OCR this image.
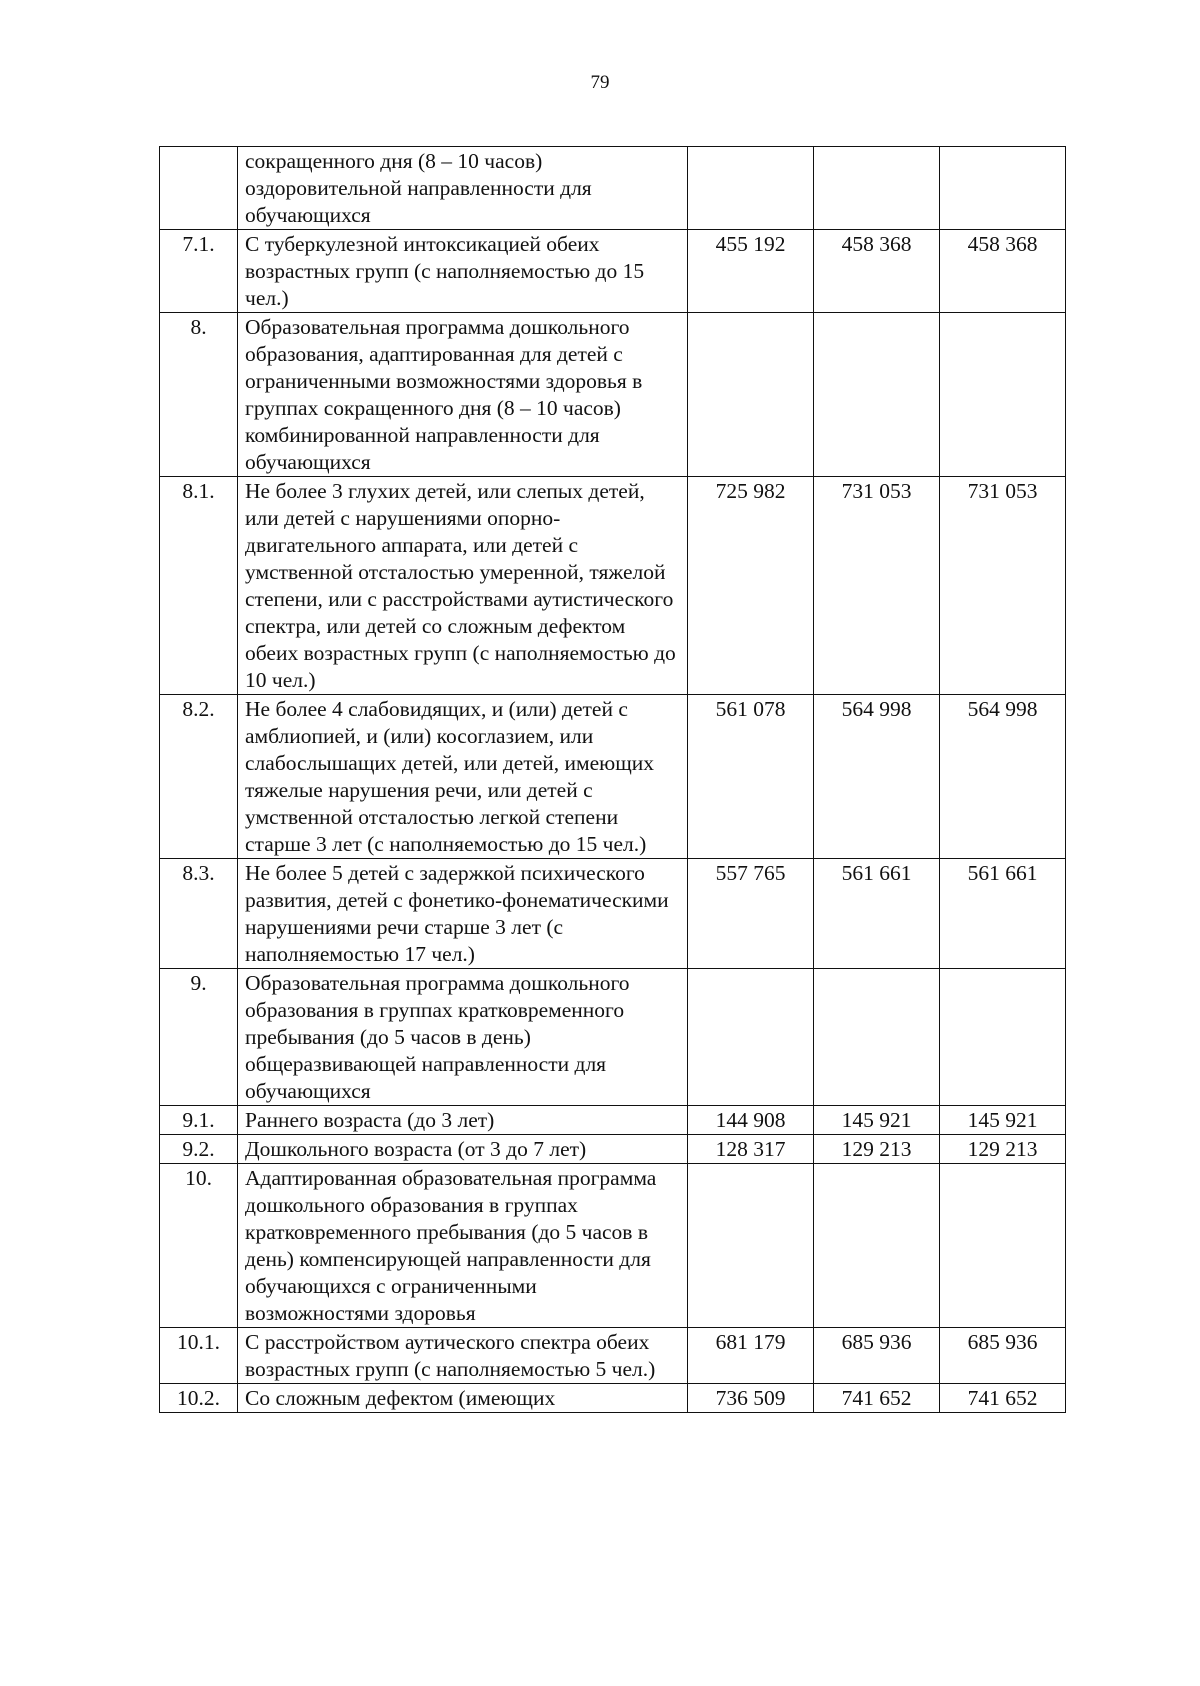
79
	сокращенного дня (8 – 10 часов) оздоровительной направленности для обучающихся			
7.1.	С туберкулезной интоксикацией обеих возрастных групп (с наполняемостью до 15 чел.)	455 192	458 368	458 368
8.	Образовательная программа дошкольного образования, адаптированная для детей с ограниченными возможностями здоровья в группах сокращенного дня (8 – 10 часов) комбинированной направленности для обучающихся			
8.1.	Не более 3 глухих детей, или слепых детей, или детей с нарушениями опорно-двигательного аппарата, или детей с умственной отсталостью умеренной, тяжелой степени, или с расстройствами аутистического спектра, или детей со сложным дефектом обеих возрастных групп (с наполняемостью до 10 чел.)	725 982	731 053	731 053
8.2.	Не более 4 слабовидящих, и (или) детей с амблиопией, и (или) косоглазием, или слабослышащих детей, или детей, имеющих тяжелые нарушения речи, или детей с умственной отсталостью легкой степени старше 3 лет (с наполняемостью до 15 чел.)	561 078	564 998	564 998
8.3.	Не более 5 детей с задержкой психического развития, детей с фонетико-фонематическими нарушениями речи старше 3 лет (с наполняемостью 17 чел.)	557 765	561 661	561 661
9.	Образовательная программа дошкольного образования в группах кратковременного пребывания (до 5 часов в день) общеразвивающей направленности для обучающихся			
9.1.	Раннего возраста (до 3 лет)	144 908	145 921	145 921
9.2.	Дошкольного возраста (от 3 до 7 лет)	128 317	129 213	129 213
10.	Адаптированная образовательная программа дошкольного образования в группах кратковременного пребывания (до 5 часов в день) компенсирующей направленности для обучающихся с ограниченными возможностями здоровья			
10.1.	С расстройством аутического спектра обеих возрастных групп (с наполняемостью 5 чел.)	681 179	685 936	685 936
10.2.	Со сложным дефектом (имеющих	736 509	741 652	741 652
